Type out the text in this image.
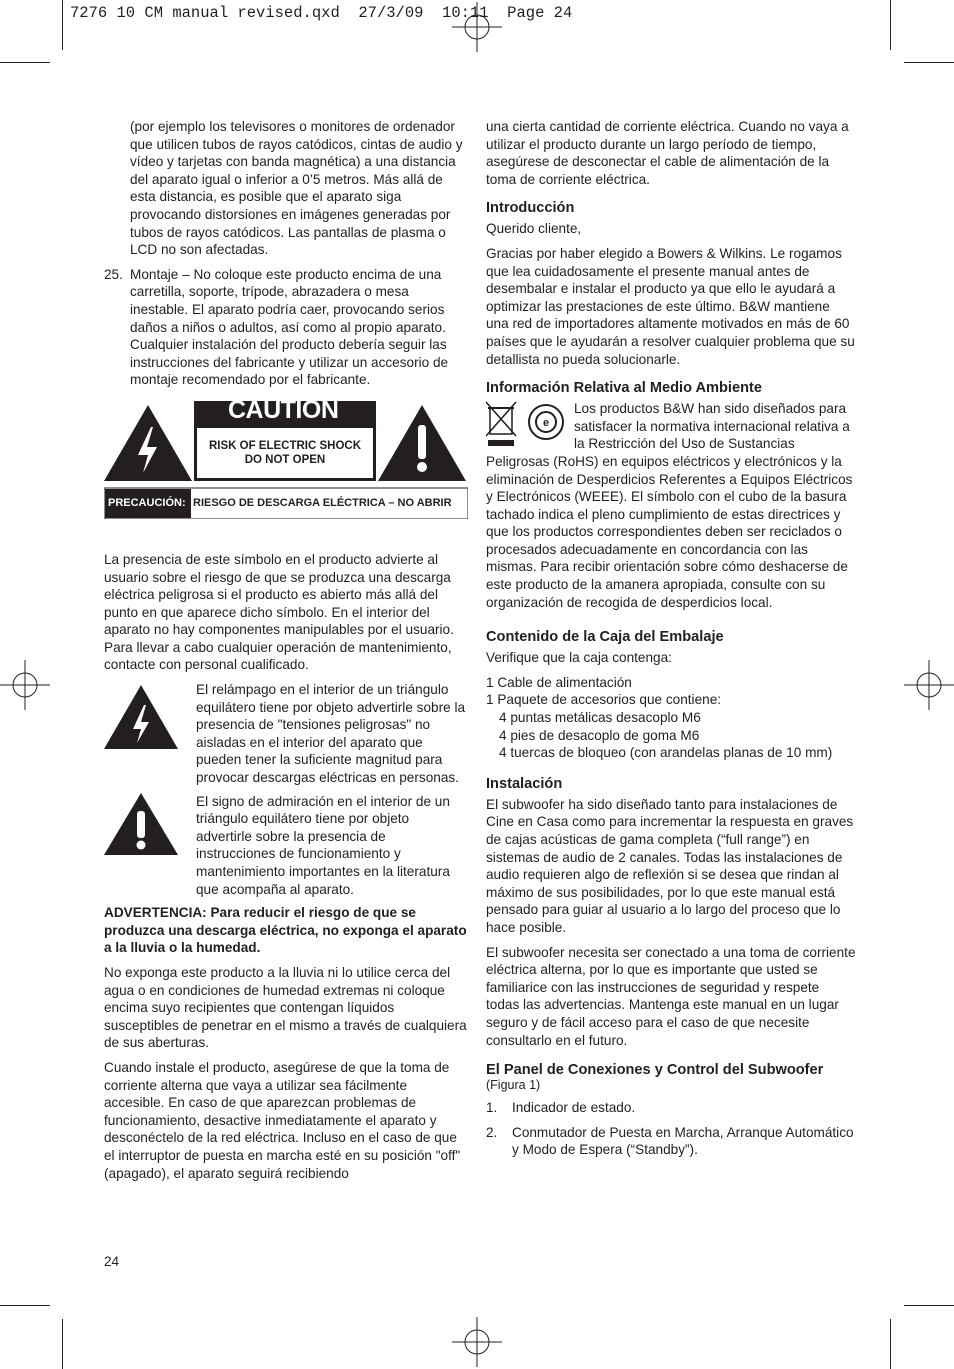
7276 10 CM manual revised.qxd  27/3/09  10:11  Page 24

(por ejemplo los televisores o monitores de ordenador que utilicen tubos de rayos catódicos, cintas de audio y vídeo y tarjetas con banda magnética) a una distancia del aparato igual o inferior a 0’5 metros. Más allá de esta distancia, es posible que el aparato siga provocando distorsiones en imágenes generadas por tubos de rayos catódicos. Las pantallas de plasma o LCD no son afectadas.

25. Montaje – No coloque este producto encima de una carretilla, soporte, trípode, abrazadera o mesa inestable. El aparato podría caer, provocando serios daños a niños o adultos, así como al propio aparato. Cualquier instalación del producto debería seguir las instrucciones del fabricante y utilizar un accesorio de montaje recomendado por el fabricante.
CAUTION
RISK OF ELECTRIC SHOCK
DO NOT OPEN
PRECAUCIÓN: RIESGO DE DESCARGA ELÉCTRICA – NO ABRIR

La presencia de este símbolo en el producto advierte al usuario sobre el riesgo de que se produzca una descarga eléctrica peligrosa si el producto es abierto más allá del punto en que aparece dicho símbolo. En el interior del aparato no hay componentes manipulables por el usuario. Para llevar a cabo cualquier operación de mantenimiento, contacte con personal cualificado.

El relámpago en el interior de un triángulo equilátero tiene por objeto advertirle sobre la presencia de "tensiones peligrosas" no aisladas en el interior del aparato que pueden tener la suficiente magnitud para provocar descargas eléctricas en personas.
El signo de admiración en el interior de un triángulo equilátero tiene por objeto advertirle sobre la presencia de instrucciones de funcionamiento y mantenimiento importantes en la literatura que acompaña al aparato.

ADVERTENCIA: Para reducir el riesgo de que se produzca una descarga eléctrica, no exponga el aparato a la lluvia o la humedad.

No exponga este producto a la lluvia ni lo utilice cerca del agua o en condiciones de humedad extremas ni coloque encima suyo recipientes que contengan líquidos susceptibles de penetrar en el mismo a través de cualquiera de sus aberturas.

Cuando instale el producto, asegúrese de que la toma de corriente alterna que vaya a utilizar sea fácilmente accesible. En caso de que aparezcan problemas de funcionamiento, desactive inmediatamente el aparato y desconéctelo de la red eléctrica. Incluso en el caso de que el interruptor de puesta en marcha esté en su posición "off" (apagado), el aparato seguirá recibiendo

una cierta cantidad de corriente eléctrica. Cuando no vaya a utilizar el producto durante un largo período de tiempo, asegúrese de desconectar el cable de alimentación de la toma de corriente eléctrica.

Introducción

Querido cliente,

Gracias por haber elegido a Bowers & Wilkins. Le rogamos que lea cuidadosamente el presente manual antes de desembalar e instalar el producto ya que ello le ayudará a optimizar las prestaciones de este último. B&W mantiene una red de importadores altamente motivados en más de 60 países que le ayudarán a resolver cualquier problema que su detallista no pueda solucionarle.

Información Relativa al Medio Ambiente
e
Los productos B&W han sido diseñados para satisfacer la normativa internacional relativa a la Restricción del Uso de Sustancias Peligrosas (RoHS) en equipos eléctricos y electrónicos y la eliminación de Desperdicios Referentes a Equipos Eléctricos y Electrónicos (WEEE). El símbolo con el cubo de la basura tachado indica el pleno cumplimiento de estas directrices y que los productos correspondientes deben ser reciclados o procesados adecuadamente en concordancia con las mismas. Para recibir orientación sobre cómo deshacerse de este producto de la amanera apropiada, consulte con su organización de recogida de desperdicios local.
Contenido de la Caja del Embalaje

Verifique que la caja contenga:

1 Cable de alimentación
1 Paquete de accesorios que contiene:
4 puntas metálicas desacoplo M6
4 pies de desacoplo de goma M6
4 tuercas de bloqueo (con arandelas planas de 10 mm)
Instalación

El subwoofer ha sido diseñado tanto para instalaciones de Cine en Casa como para incrementar la respuesta en graves de cajas acústicas de gama completa (“full range”) en sistemas de audio de 2 canales. Todas las instalaciones de audio requieren algo de reflexión si se desea que rindan al máximo de sus posibilidades, por lo que este manual está pensado para guiar al usuario a lo largo del proceso que lo hace posible.

El subwoofer necesita ser conectado a una toma de corriente eléctrica alterna, por lo que es importante que usted se familiarice con las instrucciones de seguridad y respete todas las advertencias. Mantenga este manual en un lugar seguro y de fácil acceso para el caso de que necesite consultarlo en el futuro.

El Panel de Conexiones y Control del Subwoofer (Figura 1)
1.	Indicador de estado.
2.	Conmutador de Puesta en Marcha, Arranque Automático y Modo de Espera (“Standby”).
24
